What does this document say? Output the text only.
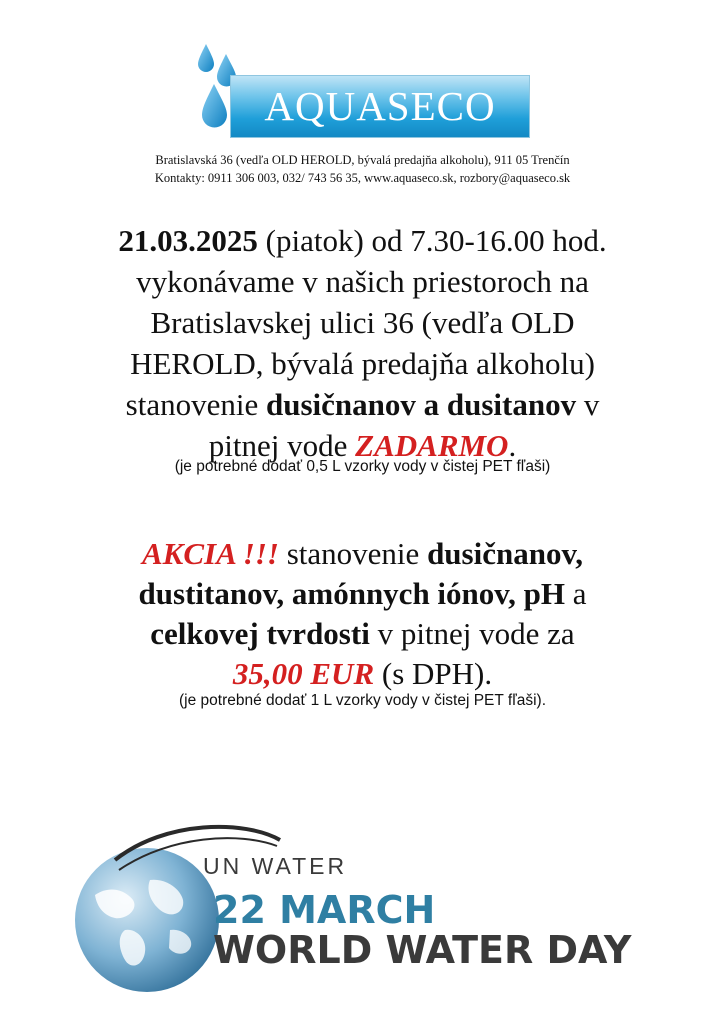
AQUASECO
Bratislavská 36 (vedľa OLD HEROLD, bývalá predajňa alkoholu), 911 05 Trenčín
Kontakty: 0911 306 003, 032/ 743 56 35, www.aquaseco.sk, rozbory@aquaseco.sk
21.03.2025 (piatok) od 7.30-16.00 hod.
vykonávame v našich priestoroch na
Bratislavskej ulici 36 (vedľa OLD
HEROLD, bývalá predajňa alkoholu)
stanovenie dusičnanov a dusitanov v
pitnej vode ZADARMO.
(je potrebné dodať 0,5 L vzorky vody v čistej PET fľaši)
AKCIA !!! stanovenie dusičnanov,
dustitanov, amónnych iónov, pH a
celkovej tvrdosti v pitnej vode za
35,00 EUR (s DPH).
(je potrebné dodať 1 L vzorky vody v čistej PET fľaši).
UN WATER
22 MARCH
WORLD WATER DAY
